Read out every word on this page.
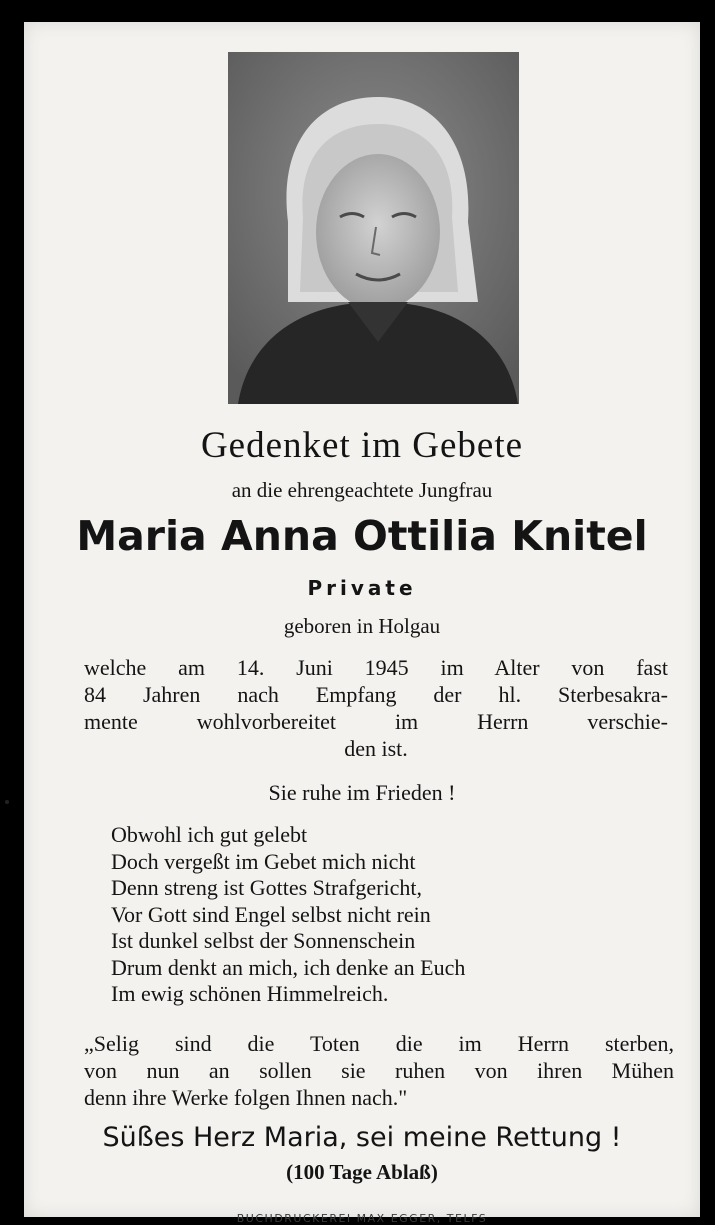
Gedenket im Gebete
an die ehrengeachtete Jungfrau
Maria Anna Ottilia Knitel
Private
geboren in Holgau
welche am 14. Juni 1945 im Alter von fast
84 Jahren nach Empfang der hl. Sterbesakra-
mente wohlvorbereitet im Herrn verschie-
den ist.
Sie ruhe im Frieden !
Obwohl ich gut gelebt
Doch vergeßt im Gebet mich nicht
Denn streng ist Gottes Strafgericht,
Vor Gott sind Engel selbst nicht rein
Ist dunkel selbst der Sonnenschein
Drum denkt an mich, ich denke an Euch
Im ewig schönen Himmelreich.
„Selig sind die Toten die im Herrn sterben,
von nun an sollen sie ruhen von ihren Mühen
denn ihre Werke folgen Ihnen nach."
Süßes Herz Maria, sei meine Rettung !
(100 Tage Ablaß)
BUCHDRUCKEREI MAX EGGER, TELFS
